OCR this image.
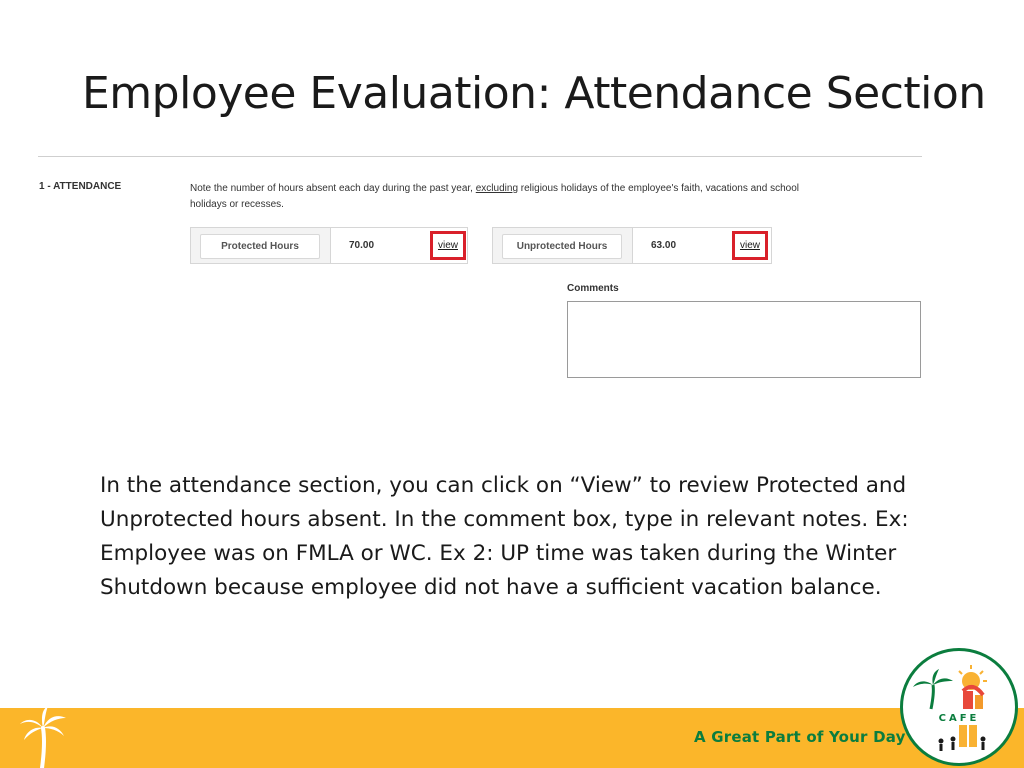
Employee Evaluation: Attendance Section
1 - ATTENDANCE	Note the number of hours absent each day during the past year, excluding religious holidays of the employee's faith, vacations and school holidays or recesses.
Protected Hours	70.00	view	Unprotected Hours	63.00	view
Comments
In the attendance section, you can click on “View” to review Protected and Unprotected hours absent. In the comment box, type in relevant notes. Ex: Employee was on FMLA or WC. Ex 2: UP time was taken during the Winter Shutdown because employee did not have a sufficient vacation balance.
A Great Part of Your Day
CAFE
